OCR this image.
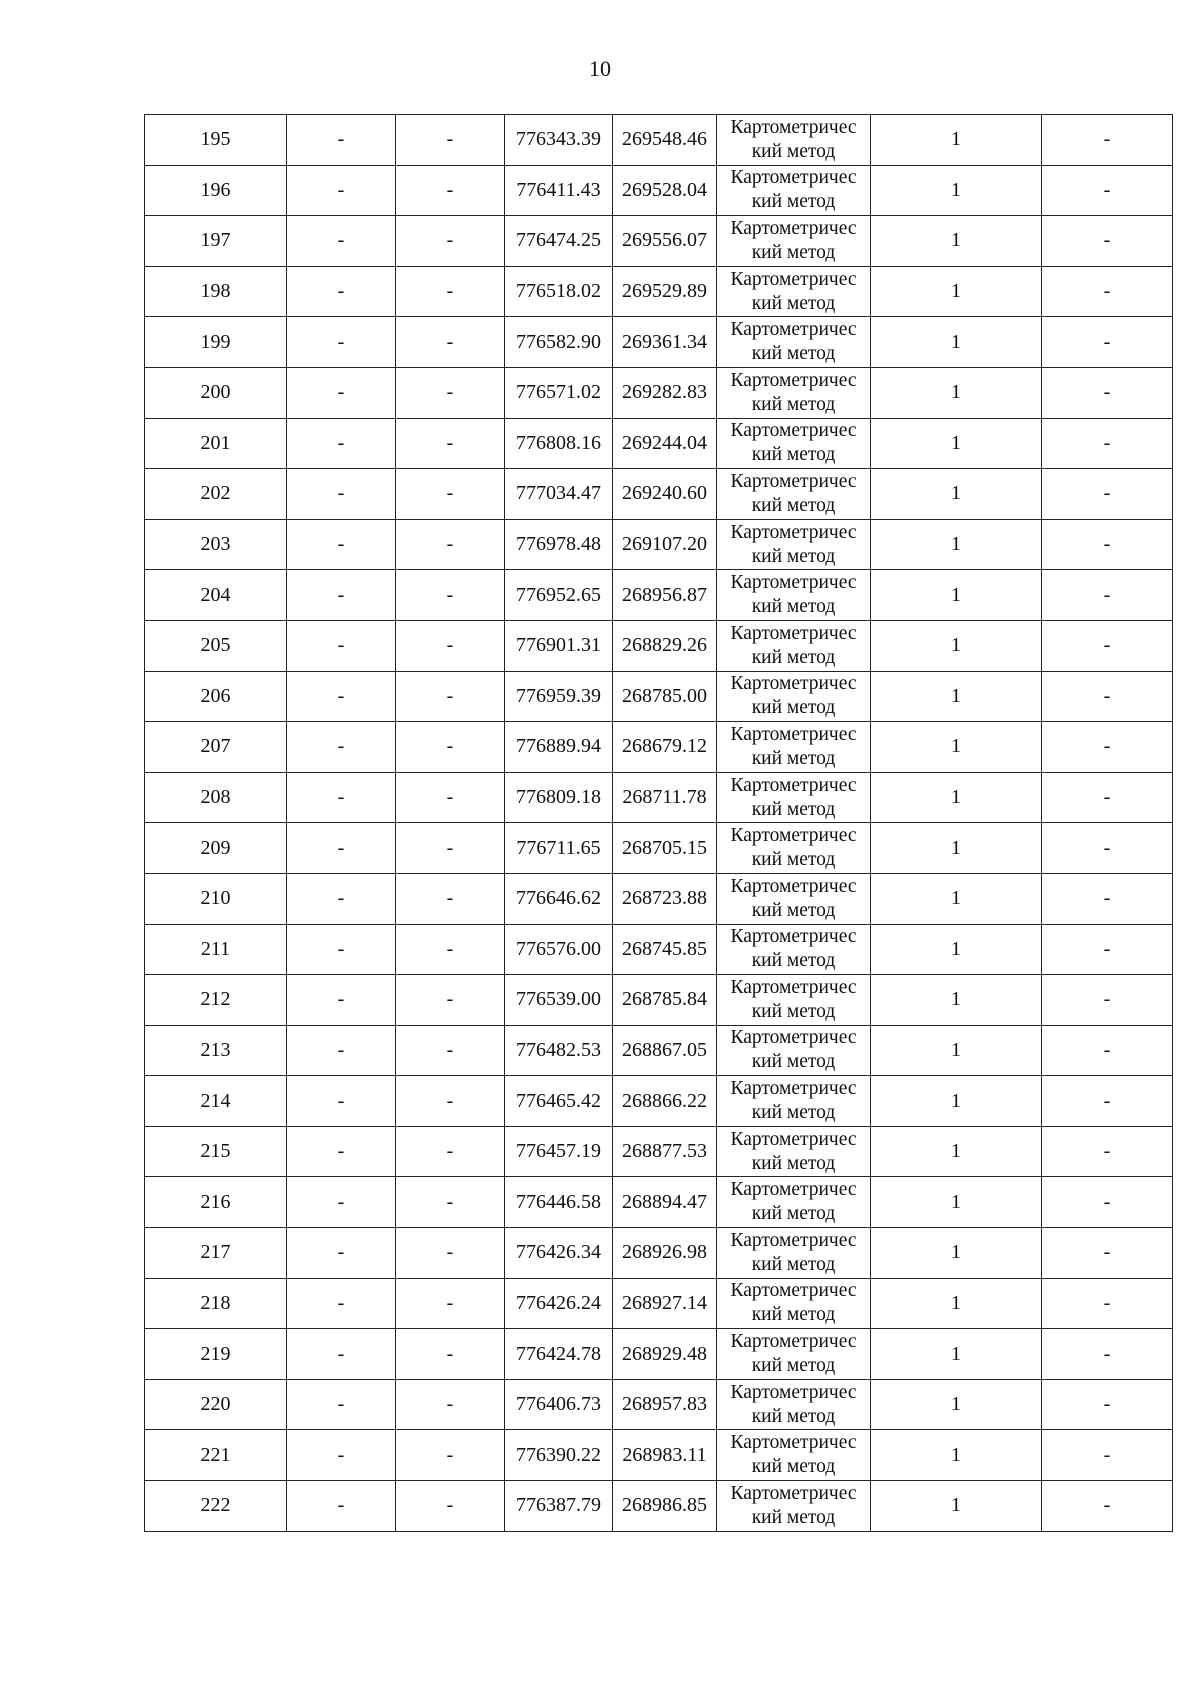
10
195	-	-	776343.39	269548.46	Картометричес кий метод	1	-
196	-	-	776411.43	269528.04	Картометричес кий метод	1	-
197	-	-	776474.25	269556.07	Картометричес кий метод	1	-
198	-	-	776518.02	269529.89	Картометричес кий метод	1	-
199	-	-	776582.90	269361.34	Картометричес кий метод	1	-
200	-	-	776571.02	269282.83	Картометричес кий метод	1	-
201	-	-	776808.16	269244.04	Картометричес кий метод	1	-
202	-	-	777034.47	269240.60	Картометричес кий метод	1	-
203	-	-	776978.48	269107.20	Картометричес кий метод	1	-
204	-	-	776952.65	268956.87	Картометричес кий метод	1	-
205	-	-	776901.31	268829.26	Картометричес кий метод	1	-
206	-	-	776959.39	268785.00	Картометричес кий метод	1	-
207	-	-	776889.94	268679.12	Картометричес кий метод	1	-
208	-	-	776809.18	268711.78	Картометричес кий метод	1	-
209	-	-	776711.65	268705.15	Картометричес кий метод	1	-
210	-	-	776646.62	268723.88	Картометричес кий метод	1	-
211	-	-	776576.00	268745.85	Картометричес кий метод	1	-
212	-	-	776539.00	268785.84	Картометричес кий метод	1	-
213	-	-	776482.53	268867.05	Картометричес кий метод	1	-
214	-	-	776465.42	268866.22	Картометричес кий метод	1	-
215	-	-	776457.19	268877.53	Картометричес кий метод	1	-
216	-	-	776446.58	268894.47	Картометричес кий метод	1	-
217	-	-	776426.34	268926.98	Картометричес кий метод	1	-
218	-	-	776426.24	268927.14	Картометричес кий метод	1	-
219	-	-	776424.78	268929.48	Картометричес кий метод	1	-
220	-	-	776406.73	268957.83	Картометричес кий метод	1	-
221	-	-	776390.22	268983.11	Картометричес кий метод	1	-
222	-	-	776387.79	268986.85	Картометричес кий метод	1	-
